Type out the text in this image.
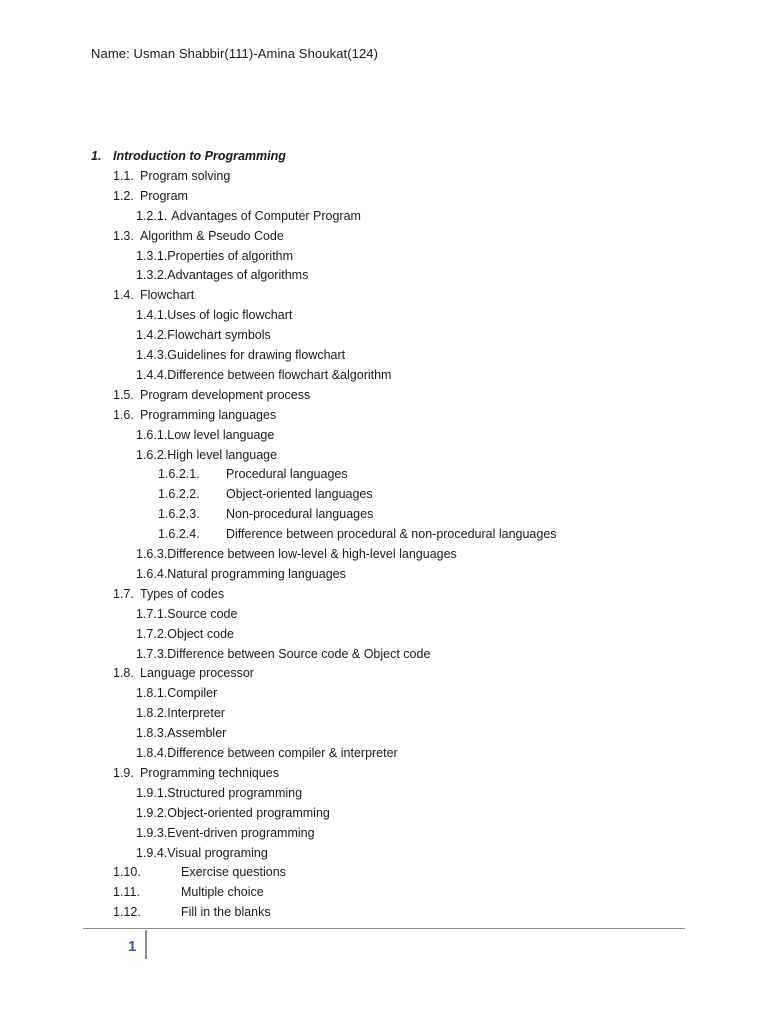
Name: Usman Shabbir(111)-Amina Shoukat(124)
1. Introduction to Programming
1.1. Program solving
1.2. Program
1.2.1. Advantages of Computer Program
1.3. Algorithm & Pseudo Code
1.3.1.Properties of algorithm
1.3.2.Advantages of algorithms
1.4. Flowchart
1.4.1.Uses of logic flowchart
1.4.2.Flowchart symbols
1.4.3.Guidelines for drawing flowchart
1.4.4.Difference between flowchart &algorithm
1.5. Program development process
1.6. Programming languages
1.6.1.Low level language
1.6.2.High level language
1.6.2.1. Procedural languages
1.6.2.2. Object-oriented languages
1.6.2.3. Non-procedural languages
1.6.2.4. Difference between procedural & non-procedural languages
1.6.3.Difference between low-level & high-level languages
1.6.4.Natural programming languages
1.7. Types of codes
1.7.1.Source code
1.7.2.Object code
1.7.3.Difference between Source code & Object code
1.8. Language processor
1.8.1.Compiler
1.8.2.Interpreter
1.8.3.Assembler
1.8.4.Difference between compiler & interpreter
1.9. Programming techniques
1.9.1.Structured programming
1.9.2.Object-oriented programming
1.9.3.Event-driven programming
1.9.4.Visual programing
1.10.	Exercise questions
1.11.	Multiple choice
1.12.	Fill in the blanks
1
